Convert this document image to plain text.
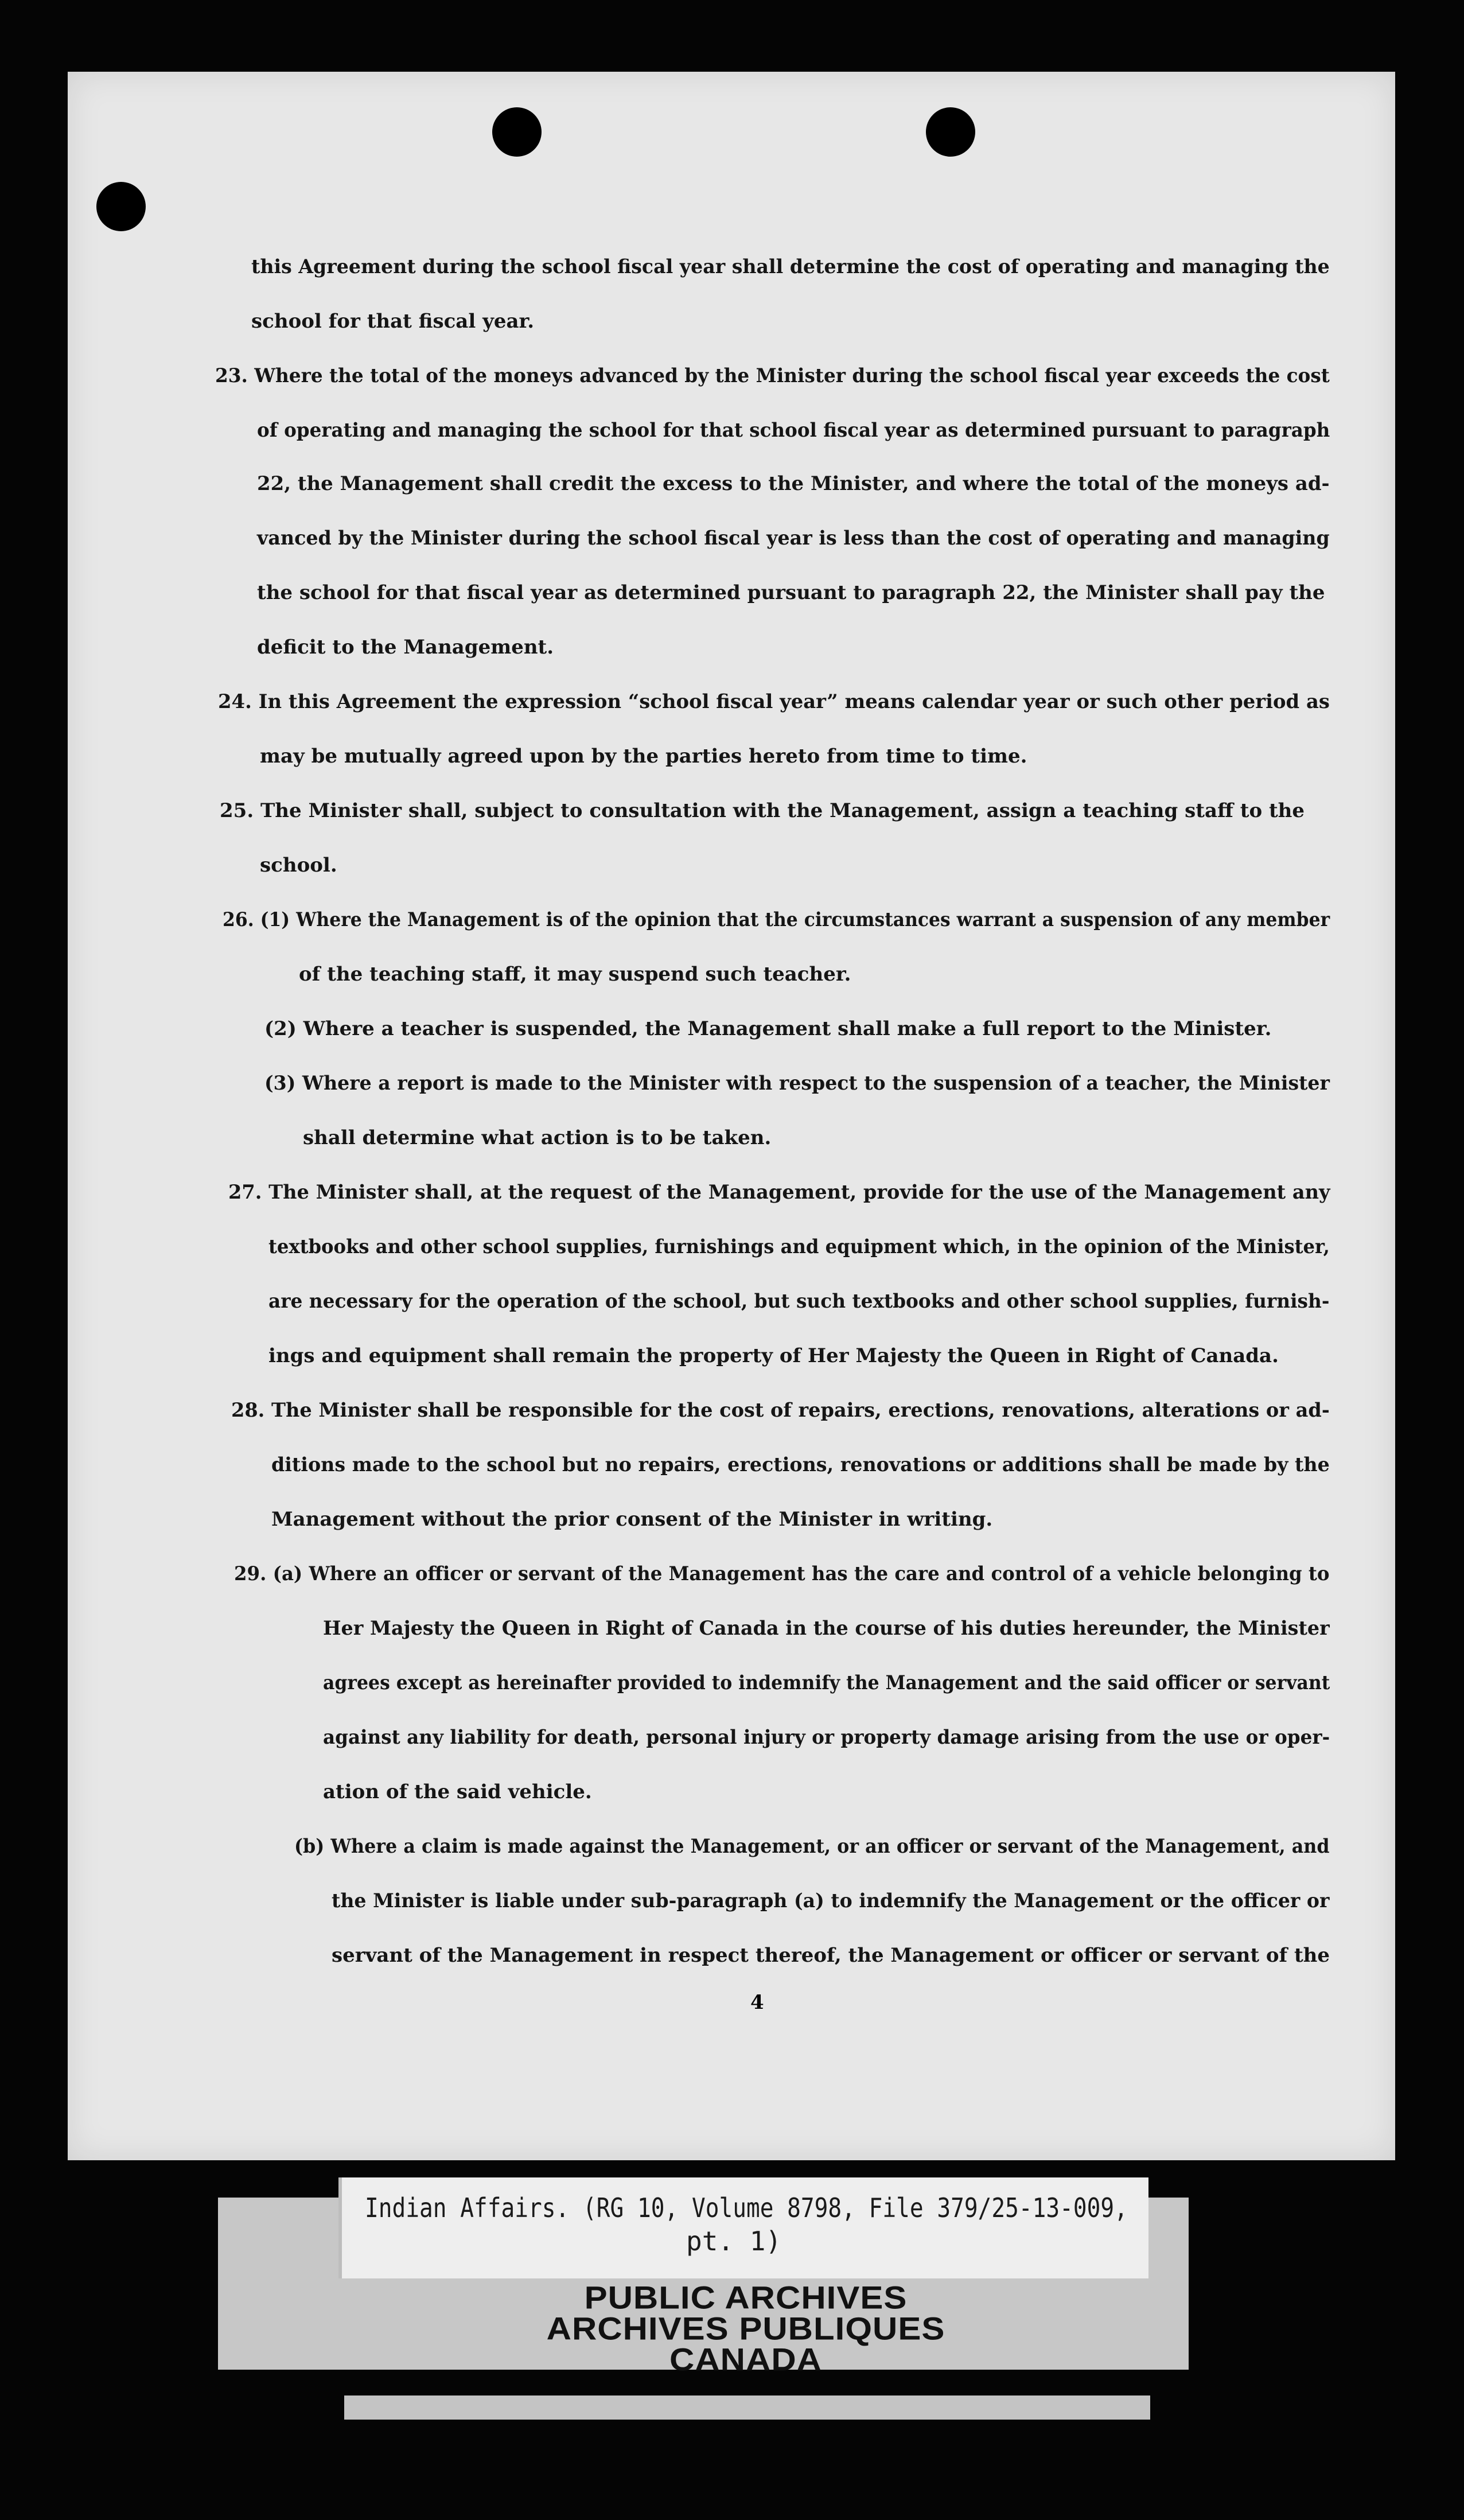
this Agreement during the school fiscal year shall determine the cost of operating and managing the
school for that fiscal year.
23. Where the total of the moneys advanced by the Minister during the school fiscal year exceeds the cost
of operating and managing the school for that school fiscal year as determined pursuant to paragraph
22, the Management shall credit the excess to the Minister, and where the total of the moneys ad-
vanced by the Minister during the school fiscal year is less than the cost of operating and managing
the school for that fiscal year as determined pursuant to paragraph 22, the Minister shall pay the
deficit to the Management.
24. In this Agreement the expression “school fiscal year” means calendar year or such other period as
may be mutually agreed upon by the parties hereto from time to time.
25. The Minister shall, subject to consultation with the Management, assign a teaching staff to the
school.
26. (1) Where the Management is of the opinion that the circumstances warrant a suspension of any member
of the teaching staff, it may suspend such teacher.
(2) Where a teacher is suspended, the Management shall make a full report to the Minister.
(3) Where a report is made to the Minister with respect to the suspension of a teacher, the Minister
shall determine what action is to be taken.
27. The Minister shall, at the request of the Management, provide for the use of the Management any
textbooks and other school supplies, furnishings and equipment which, in the opinion of the Minister,
are necessary for the operation of the school, but such textbooks and other school supplies, furnish-
ings and equipment shall remain the property of Her Majesty the Queen in Right of Canada.
28. The Minister shall be responsible for the cost of repairs, erections, renovations, alterations or ad-
ditions made to the school but no repairs, erections, renovations or additions shall be made by the
Management without the prior consent of the Minister in writing.
29. (a) Where an officer or servant of the Management has the care and control of a vehicle belonging to
Her Majesty the Queen in Right of Canada in the course of his duties hereunder, the Minister
agrees except as hereinafter provided to indemnify the Management and the said officer or servant
against any liability for death, personal injury or property damage arising from the use or oper-
ation of the said vehicle.
(b) Where a claim is made against the Management, or an officer or servant of the Management, and
the Minister is liable under sub-paragraph (a) to indemnify the Management or the officer or
servant of the Management in respect thereof, the Management or officer or servant of the
4
Indian Affairs. (RG 10, Volume 8798, File 379/25-13-009,
pt. 1)
PUBLIC ARCHIVES
ARCHIVES PUBLIQUES
CANADA
